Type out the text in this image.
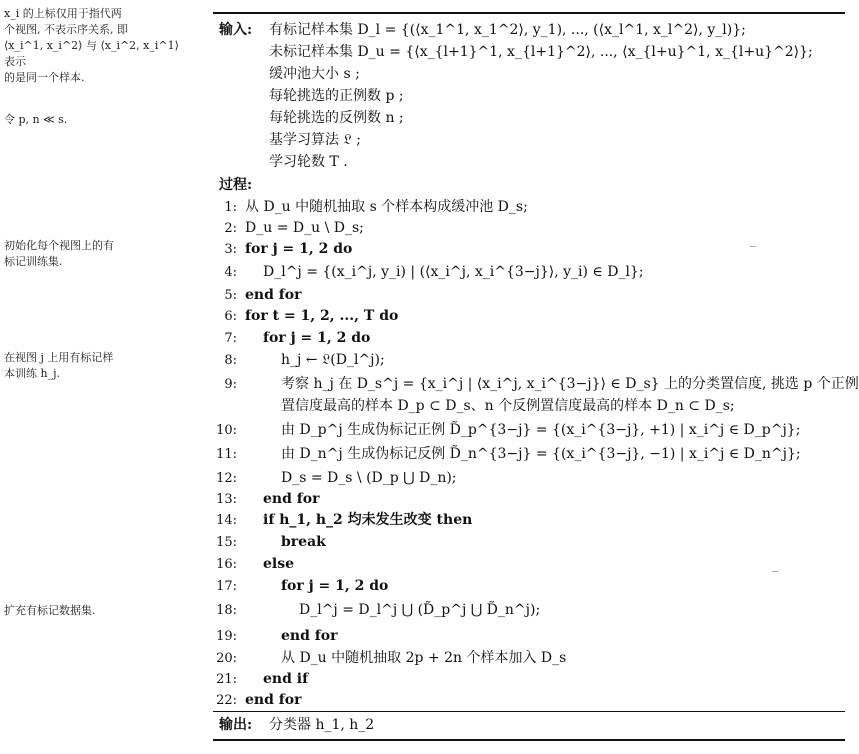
x_i 的上标仅用于指代两
个视图, 不表示序关系, 即
⟨x_i^1, x_i^2⟩ 与 ⟨x_i^2, x_i^1⟩ 表示
的是同一个样本.
令 p, n ≪ s.
初始化每个视图上的有
标记训练集.
在视图 j 上用有标记样
本训练 h_j.
扩充有标记数据集.
输入: 有标记样本集 D_l = {(⟨x_1^1, x_1^2⟩, y_1), ..., (⟨x_l^1, x_l^2⟩, y_l)};
未标记样本集 D_u = {⟨x_{l+1}^1, x_{l+1}^2⟩, ..., ⟨x_{l+u}^1, x_{l+u}^2⟩};
缓冲池大小 s ;
每轮挑选的正例数 p ;
每轮挑选的反例数 n ;
基学习算法 𝔏 ;
学习轮数 T .
过程:
1: 从 D_u 中随机抽取 s 个样本构成缓冲池 D_s;
2: D_u = D_u \ D_s;
3: for j = 1, 2 do
4: D_l^j = {(x_i^j, y_i) | (⟨x_i^j, x_i^{3−j}⟩, y_i) ∈ D_l};
5: end for
6: for t = 1, 2, ..., T do
7: for j = 1, 2 do
8:	h_j ← 𝔏(D_l^j);
9:	考察 h_j 在 D_s^j = {x_i^j | ⟨x_i^j, x_i^{3−j}⟩ ∈ D_s} 上的分类置信度, 挑选 p 个正例
置信度最高的样本 D_p ⊂ D_s、n 个反例置信度最高的样本 D_n ⊂ D_s;
10:	由 D_p^j 生成伪标记正例 D̃_p^{3−j} = {(x_i^{3−j}, +1) | x_i^j ∈ D_p^j};
11:	由 D_n^j 生成伪标记反例 D̃_n^{3−j} = {(x_i^{3−j}, −1) | x_i^j ∈ D_n^j};
12:	D_s = D_s \ (D_p ⋃ D_n);
13: end for
14: if h_1, h_2 均未发生改变 then
15:	break
16: else
17:	for j = 1, 2 do
18:	D_l^j = D_l^j ⋃ (D̃_p^j ⋃ D̃_n^j);
19:	end for
20:	从 D_u 中随机抽取 2p + 2n 个样本加入 D_s
21: end if
22: end for
输出: 分类器 h_1, h_2
